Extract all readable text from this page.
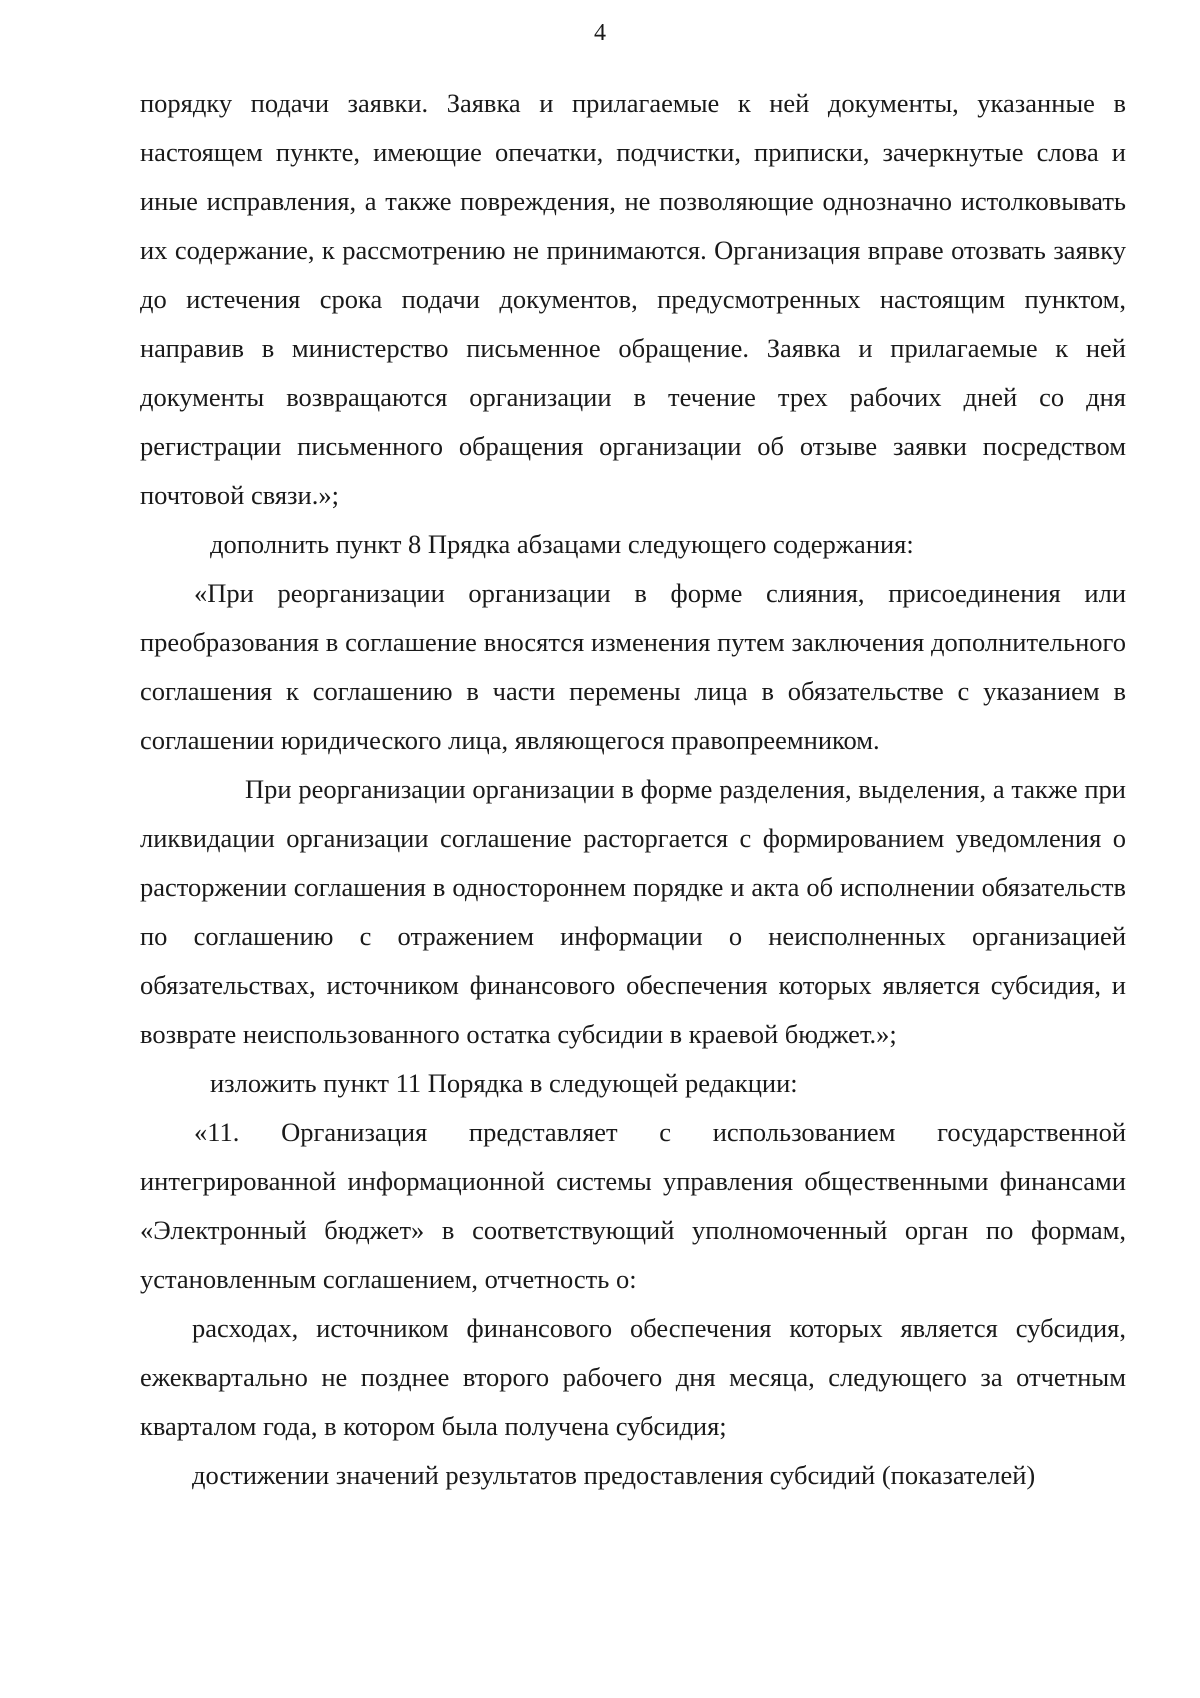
4

порядку подачи заявки. Заявка и прилагаемые к ней документы, указанные в настоящем пункте, имеющие опечатки, подчистки, приписки, зачеркнутые слова и иные исправления, а также повреждения, не позволяющие однозначно истолковывать их содержание, к рассмотрению не принимаются. Организация вправе отозвать заявку до истечения срока подачи документов, предусмотренных настоящим пунктом, направив в министерство письменное обращение. Заявка и прилагаемые к ней документы возвращаются организации в течение трех рабочих дней со дня регистрации письменного обращения организации об отзыве заявки посредством почтовой связи.»;

дополнить пункт 8 Прядка абзацами следующего содержания:

«При реорганизации организации в форме слияния, присоединения или преобразования в соглашение вносятся изменения путем заключения дополнительного соглашения к соглашению в части перемены лица в обязательстве с указанием в соглашении юридического лица, являющегося правопреемником.

При реорганизации организации в форме разделения, выделения, а также при ликвидации организации соглашение расторгается с формированием уведомления о расторжении соглашения в одностороннем порядке и акта об исполнении обязательств по соглашению с отражением информации о неисполненных организацией обязательствах, источником финансового обеспечения которых является субсидия, и возврате неиспользованного остатка субсидии в краевой бюджет.»;

изложить пункт 11 Порядка в следующей редакции:

«11. Организация представляет с использованием государственной интегрированной информационной системы управления общественными финансами «Электронный бюджет» в соответствующий уполномоченный орган по формам, установленным соглашением, отчетность о:

расходах, источником финансового обеспечения которых является субсидия, ежеквартально не позднее второго рабочего дня месяца, следующего за отчетным кварталом года, в котором была получена субсидия;

достижении значений результатов предоставления субсидий (показателей)
